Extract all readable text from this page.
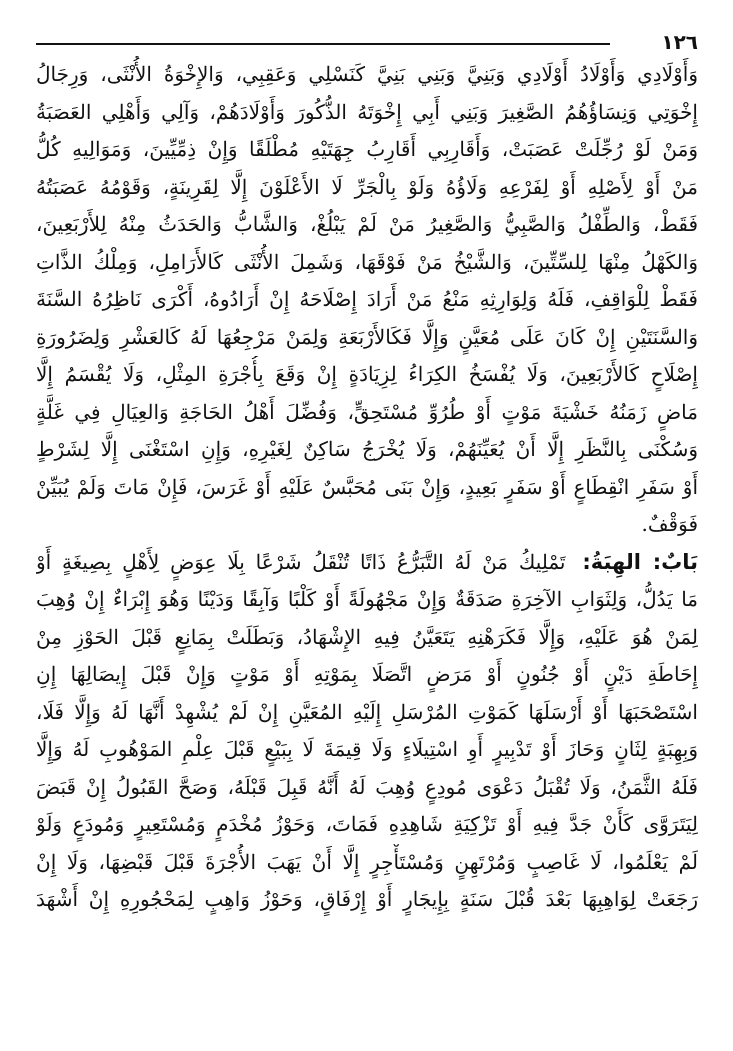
١٢٦
وَأَوْلَادِي وَأَوْلَادُ أَوْلَادِي وَبَنِيَّ وَبَنِي بَنِيَّ كَنَسْلِي وَعَقِبِي، وَالإِخْوَةُ الأُنْثَى، وَرِجَالُ
إِخْوَتِي وَنِسَاؤُهُمُ الصَّغِيرَ وَبَنِي أَبِي إِخْوَتَهُ الذُّكُورَ وَأَوْلَادَهُمْ، وَآلِي وَأَهْلِي العَصَبَةُ
وَمَنْ لَوْ رُجِّلَتْ عَصَبَتْ، وَأَقَارِبِي أَقَارِبُ جِهَتَيْهِ مُطْلَقًا وَإِنْ ذِمِّيِّينَ، وَمَوَالِيهِ كُلُّ
مَنْ أَوْ لِأَصْلِهِ أَوْ لِفَرْعِهِ وَلَاؤُهُ وَلَوْ بِالْجَرِّ لَا الأَعْلَوْنَ إِلَّا لِقَرِينَةٍ، وَقَوْمُهُ عَصَبَتُهُ
فَقَطْ، وَالطِّفْلُ وَالصَّبِيُّ وَالصَّغِيرُ مَنْ لَمْ يَبْلُغْ، وَالشَّابُّ وَالحَدَثُ مِنْهُ لِلأَرْبَعِينَ،
وَالكَهْلُ مِنْهَا لِلسِّتِّينَ، وَالشَّيْخُ مَنْ فَوْقَهَا، وَشَمِلَ الأُنْثَى كَالأَرَامِلِ، وَمِلْكُ الذَّاتِ
فَقَطْ لِلْوَاقِفِ، فَلَهُ وَلِوَارِثِهِ مَنْعُ مَنْ أَرَادَ إِصْلَاحَهُ إِنْ أَرَادُوهُ، أَكْرَى نَاظِرُهُ السَّنَةَ
وَالسَّنَتَيْنِ إِنْ كَانَ عَلَى مُعَيَّنٍ وَإِلَّا فَكَالأَرْبَعَةِ وَلِمَنْ مَرْجِعُهَا لَهُ كَالعَشْرِ وَلِضَرُورَةِ
إِصْلَاحٍ كَالأَرْبَعِينَ، وَلَا يُفْسَخُ الكِرَاءُ لِزِيَادَةٍ إِنْ وَقَعَ بِأُجْرَةِ المِثْلِ، وَلَا يُقْسَمُ إِلَّا
مَاضٍ زَمَنُهُ خَشْيَةَ مَوْتٍ أَوْ طُرُوِّ مُسْتَحِقٍّ، وَفُضِّلَ أَهْلُ الحَاجَةِ وَالعِيَالِ فِي غَلَّةٍ
وَسُكْنَى بِالنَّظَرِ إِلَّا أَنْ يُعَيِّنَهُمْ، وَلَا يُخْرَجُ سَاكِنٌ لِغَيْرِهِ، وَإِنِ اسْتَغْنَى إِلَّا لِشَرْطٍ
أَوْ سَفَرِ انْقِطَاعٍ أَوْ سَفَرٍ بَعِيدٍ، وَإِنْ بَنَى مُحَبَّسٌ عَلَيْهِ أَوْ غَرَسَ، فَإِنْ مَاتَ وَلَمْ يُبَيِّنْ
فَوَقْفٌ.
بَابٌ: الهِبَةُ: تَمْلِيكُ مَنْ لَهُ التَّبَرُّعُ ذَاتًا تُنْقَلُ شَرْعًا بِلَا عِوَضٍ لِأَهْلٍ بِصِيغَةٍ أَوْ
مَا يَدُلُّ، وَلِثَوَابِ الآخِرَةِ صَدَقَةٌ وَإِنْ مَجْهُولَةً أَوْ كَلْبًا وَآبِقًا وَدَيْنًا وَهُوَ إِبْرَاءٌ إِنْ وُهِبَ
لِمَنْ هُوَ عَلَيْهِ، وَإِلَّا فَكَرَهْنِهِ يَتَعَيَّنُ فِيهِ الإِشْهَادُ، وَبَطَلَتْ بِمَانِعٍ قَبْلَ الحَوْزِ مِنْ
إِحَاطَةِ دَيْنٍ أَوْ جُنُونٍ أَوْ مَرَضٍ اتَّصَلَا بِمَوْتِهِ أَوْ مَوْتٍ وَإِنْ قَبْلَ إِيصَالِهَا إِنِ
اسْتَصْحَبَهَا أَوْ أَرْسَلَهَا كَمَوْتِ المُرْسَلِ إِلَيْهِ المُعَيَّنِ إِنْ لَمْ يُشْهِدْ أَنَّهَا لَهُ وَإِلَّا فَلَا،
وَبِهِبَةٍ لِثَانٍ وَحَازَ أَوْ تَدْبِيرٍ أَوِ اسْتِيلَاءٍ وَلَا قِيمَةَ لَا بِبَيْعٍ قَبْلَ عِلْمِ المَوْهُوبِ لَهُ وَإِلَّا
فَلَهُ الثَّمَنُ، وَلَا تُقْبَلُ دَعْوَى مُودِعٍ وُهِبَ لَهُ أَنَّهُ قَبِلَ قَبْلَهُ، وَصَحَّ القَبُولُ إِنْ قَبَضَ
لِيَتَرَوَّى كَأَنْ جَدَّ فِيهِ أَوْ تَزْكِيَةِ شَاهِدِهِ فَمَاتَ، وَحَوْزُ مُخْدَمٍ وَمُسْتَعِيرٍ وَمُودَعٍ وَلَوْ
لَمْ يَعْلَمُوا، لَا غَاصِبٍ وَمُرْتَهِنٍ وَمُسْتَأْجِرٍ إِلَّا أَنْ يَهَبَ الأُجْرَةَ قَبْلَ قَبْضِهَا، وَلَا إِنْ
رَجَعَتْ لِوَاهِبِهَا بَعْدَ قُبْلَ سَنَةٍ بِإِيجَارٍ أَوْ إِرْفَاقٍ، وَحَوْزُ وَاهِبٍ لِمَحْجُورِهِ إِنْ أَشْهَدَ
